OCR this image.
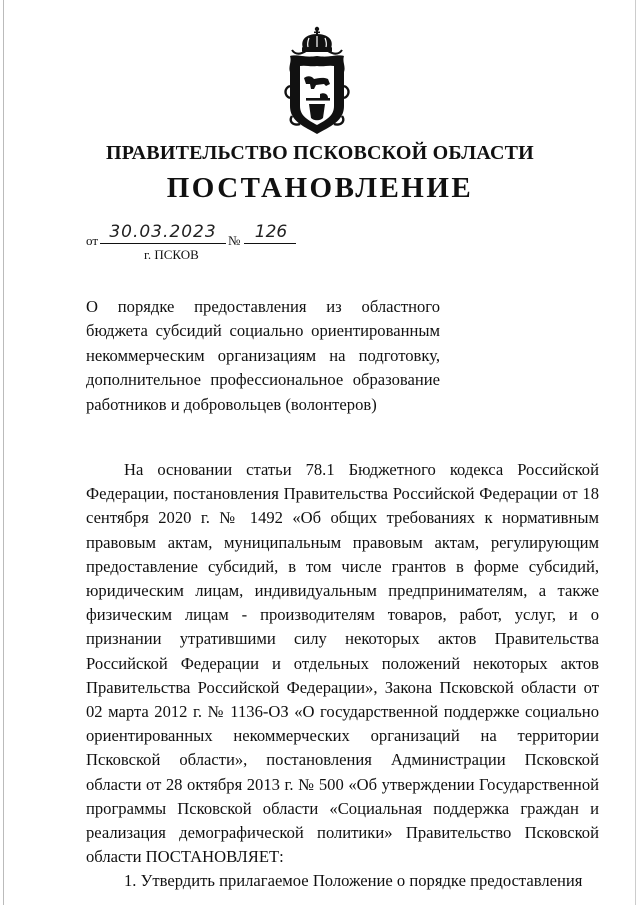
ПРАВИТЕЛЬСТВО ПСКОВСКОЙ ОБЛАСТИ
ПОСТАНОВЛЕНИЕ
от 30.03.2023 № 126
г. ПСКОВ

О порядке предоставления из областного бюджета субсидий социально ориентированным некоммерческим организациям на подготовку, дополнительное профессиональное образование работников и добровольцев (волонтеров)

На основании статьи 78.1 Бюджетного кодекса Российской Федерации, постановления Правительства Российской Федерации от 18 сентября 2020 г. № 1492 «Об общих требованиях к нормативным правовым актам, муниципальным правовым актам, регулирующим предоставление субсидий, в том числе грантов в форме субсидий, юридическим лицам, индивидуальным предпринимателям, а также физическим лицам - производителям товаров, работ, услуг, и о признании утратившими силу некоторых актов Правительства Российской Федерации и отдельных положений некоторых актов Правительства Российской Федерации», Закона Псковской области от 02 марта 2012 г. № 1136-ОЗ «О государственной поддержке социально ориентированных некоммерческих организаций на территории Псковской области», постановления Администрации Псковской области от 28 октября 2013 г. № 500 «Об утверждении Государственной программы Псковской области «Социальная поддержка граждан и реализация демографической политики» Правительство Псковской области ПОСТАНОВЛЯЕТ:

1. Утвердить прилагаемое Положение о порядке предоставления
